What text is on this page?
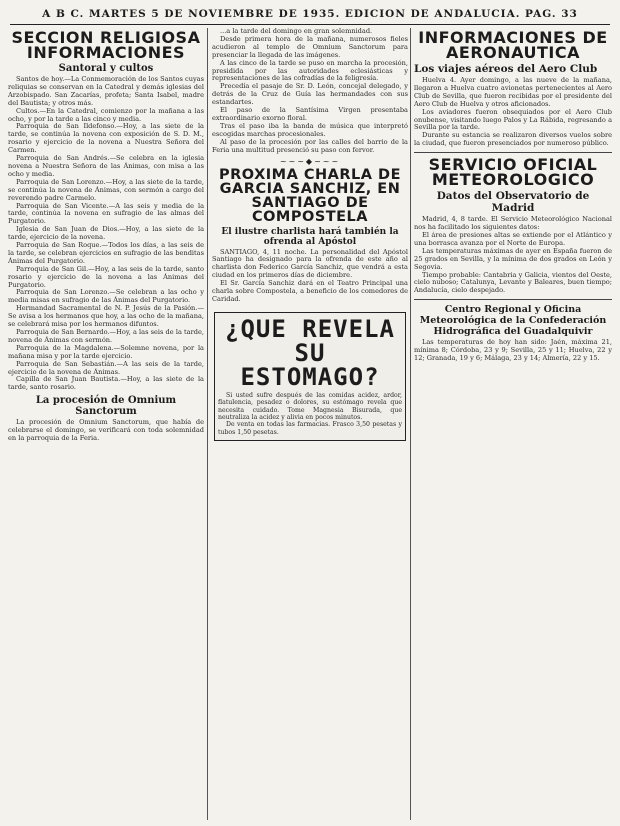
A B C. MARTES 5 DE NOVIEMBRE DE 1935. EDICION DE ANDALUCIA. PAG. 33
SECCION RELIGIOSA INFORMACIONES
Santoral y cultos

Santos de hoy.—La Conmemoración de los Santos cuyas reliquias se conservan en la Catedral y demás iglesias del Arzobispado. San Zacarías, profeta; Santa Isabel, madre del Bautista; y otros más.

Cultos.—En la Catedral, comienzo por la mañana a las ocho, y por la tarde a las cinco y media.

Parroquia de San Ildefonso.—Hoy, a las siete de la tarde, se continúa la novena con exposición de S. D. M., rosario y ejercicio de la novena a Nuestra Señora del Carmen.

Parroquia de San Andrés.—Se celebra en la iglesia novena a Nuestra Señora de las Ánimas, con misa a las ocho y media.

Parroquia de San Lorenzo.—Hoy, a las siete de la tarde, se continúa la novena de Ánimas, con sermón a cargo del reverendo padre Carmelo.

Parroquia de San Vicente.—A las seis y media de la tarde, continúa la novena en sufragio de las almas del Purgatorio.

Iglesia de San Juan de Dios.—Hoy, a las siete de la tarde, ejercicio de la novena.

Parroquia de San Roque.—Todos los días, a las seis de la tarde, se celebran ejercicios en sufragio de las benditas Ánimas del Purgatorio.

Parroquia de San Gil.—Hoy, a las seis de la tarde, santo rosario y ejercicio de la novena a las Ánimas del Purgatorio.

Parroquia de San Lorenzo.—Se celebran a las ocho y media misas en sufragio de las Ánimas del Purgatorio.

Hermandad Sacramental de N. P. Jesús de la Pasión.—Se avisa a los hermanos que hoy, a las ocho de la mañana, se celebrará misa por los hermanos difuntos.

Parroquia de San Bernardo.—Hoy, a las seis de la tarde, novena de Ánimas con sermón.

Parroquia de la Magdalena.—Solemne novena, por la mañana misa y por la tarde ejercicio.

Parroquia de San Sebastián.—A las seis de la tarde, ejercicio de la novena de Ánimas.

Capilla de San Juan Bautista.—Hoy, a las siete de la tarde, santo rosario.

La procesión de Omnium Sanctorum

La procesión de Omnium Sanctorum, que había de celebrarse el domingo, se verificará con toda solemnidad en la parroquia de la Feria.

...a la tarde del domingo en gran solemnidad.

Desde primera hora de la mañana, numerosos fieles acudieron al templo de Omnium Sanctorum para presenciar la llegada de las imágenes.

A las cinco de la tarde se puso en marcha la procesión, presidida por las autoridades eclesiásticas y representaciones de las cofradías de la feligresía.

Precedía el pasaje de Sr. D. León, concejal delegado, y detrás de la Cruz de Guía las hermandades con sus estandartes.

El paso de la Santísima Virgen presentaba extraordinario exorno floral.

Tras el paso iba la banda de música que interpretó escogidas marchas procesionales.

Al paso de la procesión por las calles del barrio de la Feria una multitud presenció su paso con fervor.

~~~◆~~~
PROXIMA CHARLA DE GARCIA SANCHIZ, EN SANTIAGO DE COMPOSTELA
El ilustre charlista hará también la ofrenda al Apóstol

SANTIAGO, 4, 11 noche. La personalidad del Apóstol Santiago ha designado para la ofrenda de este año al charlista don Federico García Sanchiz, que vendrá a esta ciudad en los primeros días de diciembre.

El Sr. García Sanchiz dará en el Teatro Principal una charla sobre Compostela, a beneficio de los comedores de Caridad.

¿QUE REVELA SU ESTOMAGO?

Si usted sufre después de las comidas acidez, ardor, flatulencia, pesadez o dolores, su estómago revela que necesita cuidado. Tome Magnesia Bisurada, que neutraliza la acidez y alivia en pocos minutos.

De venta en todas las farmacias. Frasco 3,50 pesetas y tubos 1,50 pesetas.

INFORMACIONES DE AERONAUTICA
Los viajes aéreos del Aero Club

Huelva 4. Ayer domingo, a las nueve de la mañana, llegaron a Huelva cuatro avionetas pertenecientes al Aero Club de Sevilla, que fueron recibidas por el presidente del Aero Club de Huelva y otros aficionados.

Los aviadores fueron obsequiados por el Aero Club onubense, visitando luego Palos y La Rábida, regresando a Sevilla por la tarde.

Durante su estancia se realizaron diversos vuelos sobre la ciudad, que fueron presenciados por numeroso público.

SERVICIO OFICIAL METEOROLOGICO
Datos del Observatorio de Madrid

Madrid, 4, 8 tarde. El Servicio Meteorológico Nacional nos ha facilitado los siguientes datos:

El área de presiones altas se extiende por el Atlántico y una borrasca avanza por el Norte de Europa.

Las temperaturas máximas de ayer en España fueron de 25 grados en Sevilla, y la mínima de dos grados en León y Segovia.

Tiempo probable: Cantabria y Galicia, vientos del Oeste, cielo nuboso; Catalunya, Levante y Baleares, buen tiempo; Andalucía, cielo despejado.

Centro Regional y Oficina Meteorológica de la Confederación Hidrográfica del Guadalquivir

Las temperaturas de hoy han sido: Jaén, máxima 21, mínima 8; Córdoba, 23 y 9; Sevilla, 25 y 11; Huelva, 22 y 12; Granada, 19 y 6; Málaga, 23 y 14; Almería, 22 y 15.
